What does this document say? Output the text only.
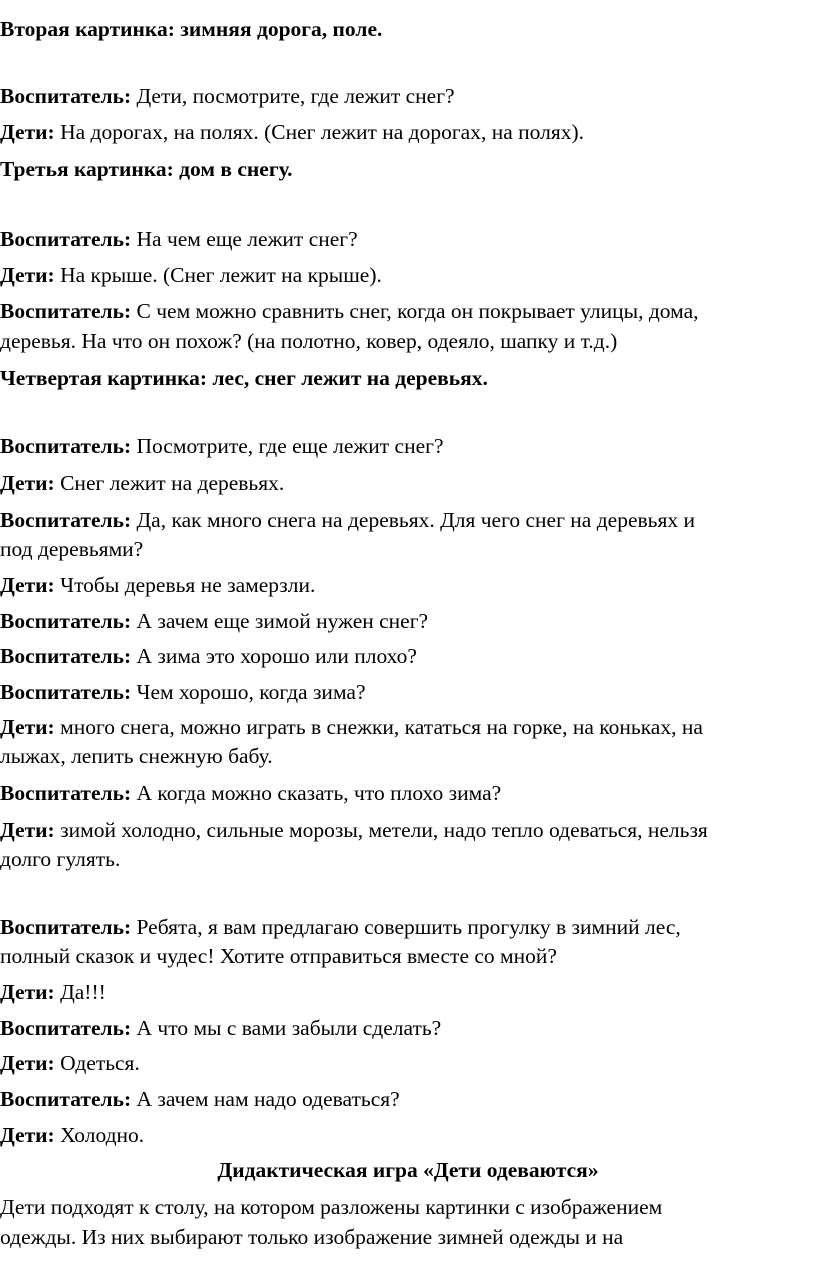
Вторая картинка: зимняя дорога, поле.

Воспитатель: Дети, посмотрите, где лежит снег?

Дети: На дорогах, на полях. (Снег лежит на дорогах, на полях).

Третья картинка: дом в снегу.

Воспитатель: На чем еще лежит снег?

Дети: На крыше. (Снег лежит на крыше).

Воспитатель: С чем можно сравнить снег, когда он покрывает улицы, дома,

деревья. На что он похож? (на полотно, ковер, одеяло, шапку и т.д.)

Четвертая картинка: лес, снег лежит на деревьях.

Воспитатель: Посмотрите, где еще лежит снег?

Дети: Снег лежит на деревьях.

Воспитатель: Да, как много снега на деревьях. Для чего снег на деревьях и

под деревьями?

Дети: Чтобы деревья не замерзли.

Воспитатель: А зачем еще зимой нужен снег?

Воспитатель: А зима это хорошо или плохо?

Воспитатель: Чем хорошо, когда зима?

Дети: много снега, можно играть в снежки, кататься на горке, на коньках, на

лыжах, лепить снежную бабу.

Воспитатель: А когда можно сказать, что плохо зима?

Дети: зимой холодно, сильные морозы, метели, надо тепло одеваться, нельзя

долго гулять.

Воспитатель: Ребята, я вам предлагаю совершить прогулку в зимний лес,

полный сказок и чудес! Хотите отправиться вместе со мной?

Дети: Да!!!

Воспитатель: А что мы с вами забыли сделать?

Дети: Одеться.

Воспитатель: А зачем нам надо одеваться?

Дети: Холодно.

Дидактическая игра «Дети одеваются»

Дети подходят к столу, на котором разложены картинки с изображением

одежды. Из них выбирают только изображение зимней одежды и на
